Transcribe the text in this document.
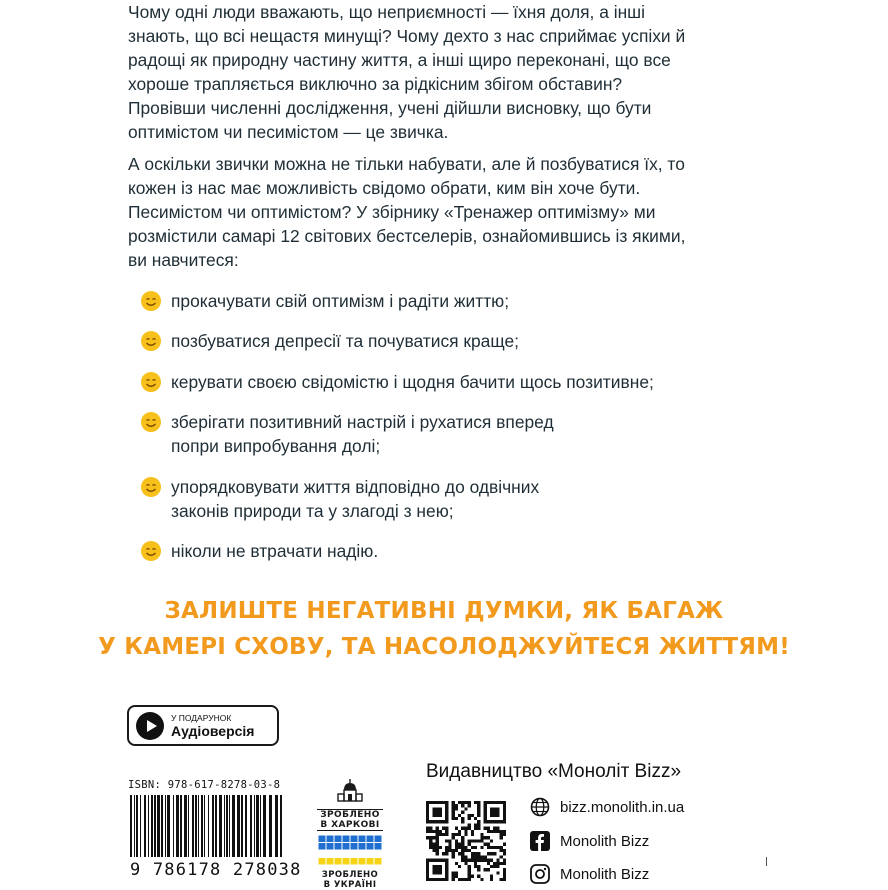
Чому одні люди вважають, що неприємності — їхня доля, а інші знають, що всі нещастя минущі? Чому дехто з нас сприймає успіхи й радощі як природну частину життя, а інші щиро переконані, що все хороше трапляється виключно за рідкісним збігом обставин? Провівши численні дослідження, учені дійшли висновку, що бути оптимістом чи песимістом — це звичка.

А оскільки звички можна не тільки набувати, але й позбуватися їх, то кожен із нас має можливість свідомо обрати, ким він хоче бути. Песимістом чи оптимістом? У збірнику «Тренажер оптимізму» ми розмістили самарі 12 світових бестселерів, ознайомившись із якими, ви навчитеся:

прокачувати свій оптимізм і радіти життю;
позбуватися депресії та почуватися краще;
керувати своєю свідомістю і щодня бачити щось позитивне;
зберігати позитивний настрій і рухатися вперед попри випробування долі;
упорядковувати життя відповідно до одвічних законів природи та у злагоді з нею;
ніколи не втрачати надію.
ЗАЛИШТЕ НЕГАТИВНІ ДУМКИ, ЯК БАГАЖ
У КАМЕРІ СХОВУ, ТА НАСОЛОДЖУЙТЕСЯ ЖИТТЯМ!
У ПОДАРУНОК
Аудіоверсія
ISBN: 978-617-8278-03-8
9 786178 278038
ЗРОБЛЕНО
В ХАРКОВІ
ЗРОБЛЕНО
В УКРАЇНІ
Видавництво «Моноліт Bizz»
bizz.monolith.in.ua
Monolith Bizz
Monolith Bizz
